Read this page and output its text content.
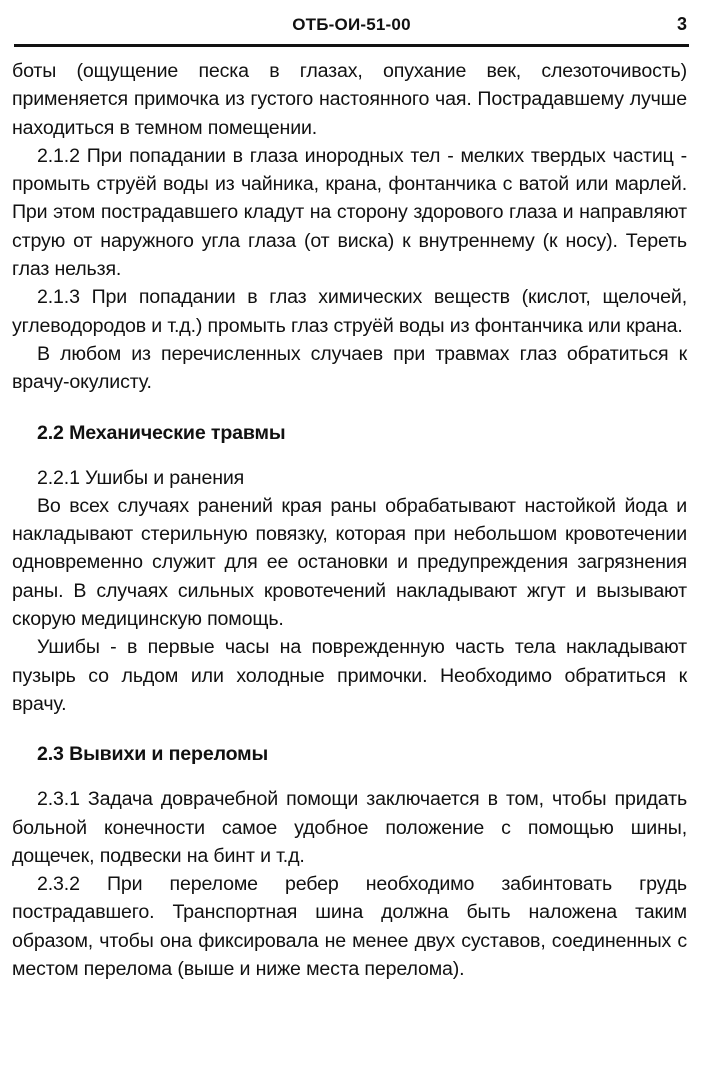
ОТБ-ОИ-51-00	3

боты (ощущение песка в глазах, опухание век, слезоточивость) применяется примочка из густого настоянного чая. Пострадавшему лучше находиться в темном помещении.

2.1.2 При попадании в глаза инородных тел - мелких твердых частиц - промыть струёй воды из чайника, крана, фонтанчика с ватой или марлей. При этом пострадавшего кладут на сторону здорового глаза и направляют струю от наружного угла глаза (от виска) к внутреннему (к носу). Тереть глаз нельзя.

2.1.3 При попадании в глаз химических веществ (кислот, щелочей, углеводородов и т.д.) промыть глаз струёй воды из фонтанчика или крана.

В любом из перечисленных случаев при травмах глаз обратиться к врачу-окулисту.

2.2 Механические травмы

2.2.1 Ушибы и ранения

Во всех случаях ранений края раны обрабатывают настойкой йода и накладывают стерильную повязку, которая при небольшом кровотечении одновременно служит для ее остановки и предупреждения загрязнения раны. В случаях сильных кровотечений накладывают жгут и вызывают скорую медицинскую помощь.

Ушибы - в первые часы на поврежденную часть тела накладывают пузырь со льдом или холодные примочки. Необходимо обратиться к врачу.

2.3 Вывихи и переломы

2.3.1 Задача доврачебной помощи заключается в том, чтобы придать больной конечности самое удобное положение с помощью шины, дощечек, подвески на бинт и т.д.

2.3.2 При переломе ребер необходимо забинтовать грудь пострадавшего. Транспортная шина должна быть наложена таким образом, чтобы она фиксировала не менее двух суставов, соединенных с местом перелома (выше и ниже места перелома).
